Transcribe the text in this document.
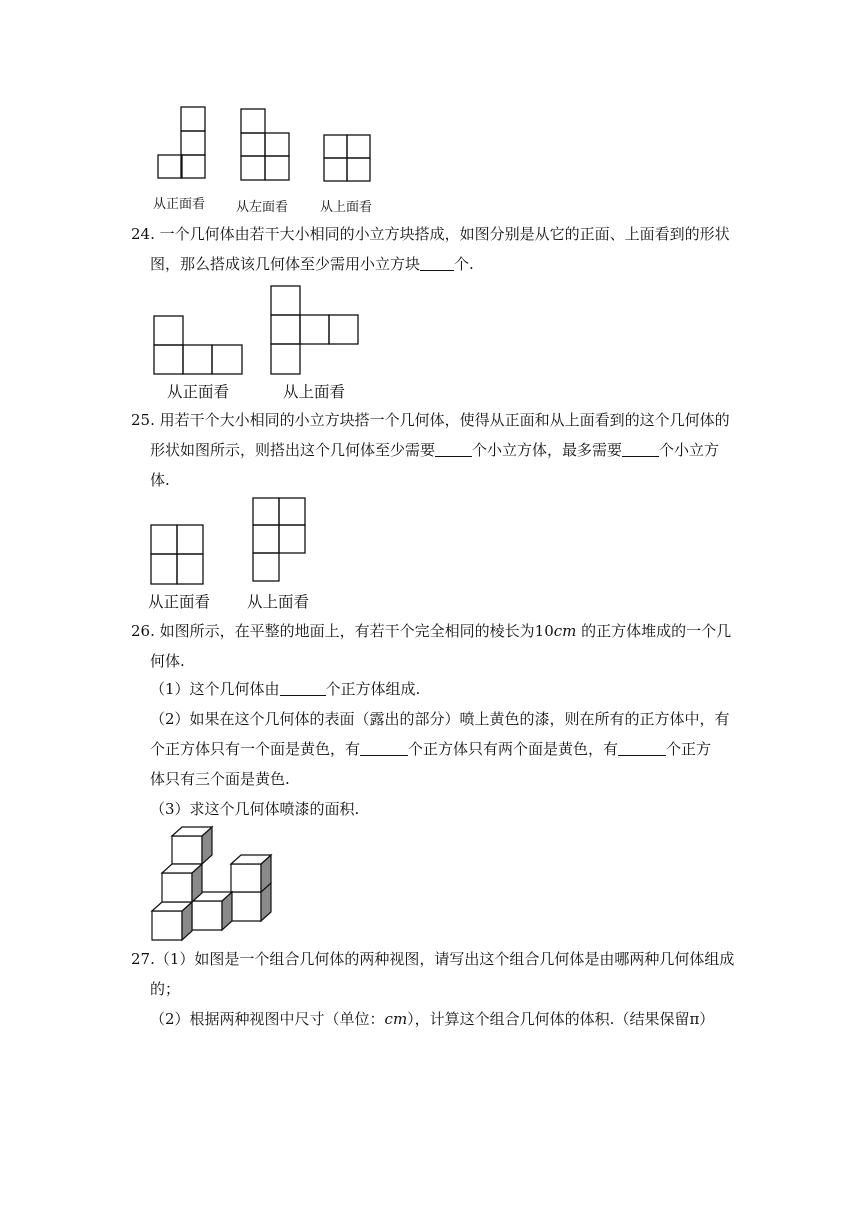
从正面看 从左面看 从上面看
24. 一个几何体由若干大小相同的小立方块搭成，如图分别是从它的正面、上面看到的形状
图，那么搭成该几何体至少需用小立方块 个.
从正面看	从上面看
25. 用若干个大小相同的小立方块搭一个几何体，使得从正面和从上面看到的这个几何体的
形状如图所示，则搭出这个几何体至少需要 个小立方体，最多需要 个小立方
体.
从正面看 从上面看
26. 如图所示，在平整的地面上，有若干个完全相同的棱长为10cm 的正方体堆成的一个几
何体.
（1）这个几何体由	个正方体组成.
（2）如果在这个几何体的表面（露出的部分）喷上黄色的漆，则在所有的正方体中，有
个正方体只有一个面是黄色，有	个正方体只有两个面是黄色，有	个正方
体只有三个面是黄色.
（3）求这个几何体喷漆的面积.
27.（1）如图是一个组合几何体的两种视图，请写出这个组合几何体是由哪两种几何体组成
的；
（2）根据两种视图中尺寸（单位：cm），计算这个组合几何体的体积.（结果保留π）
